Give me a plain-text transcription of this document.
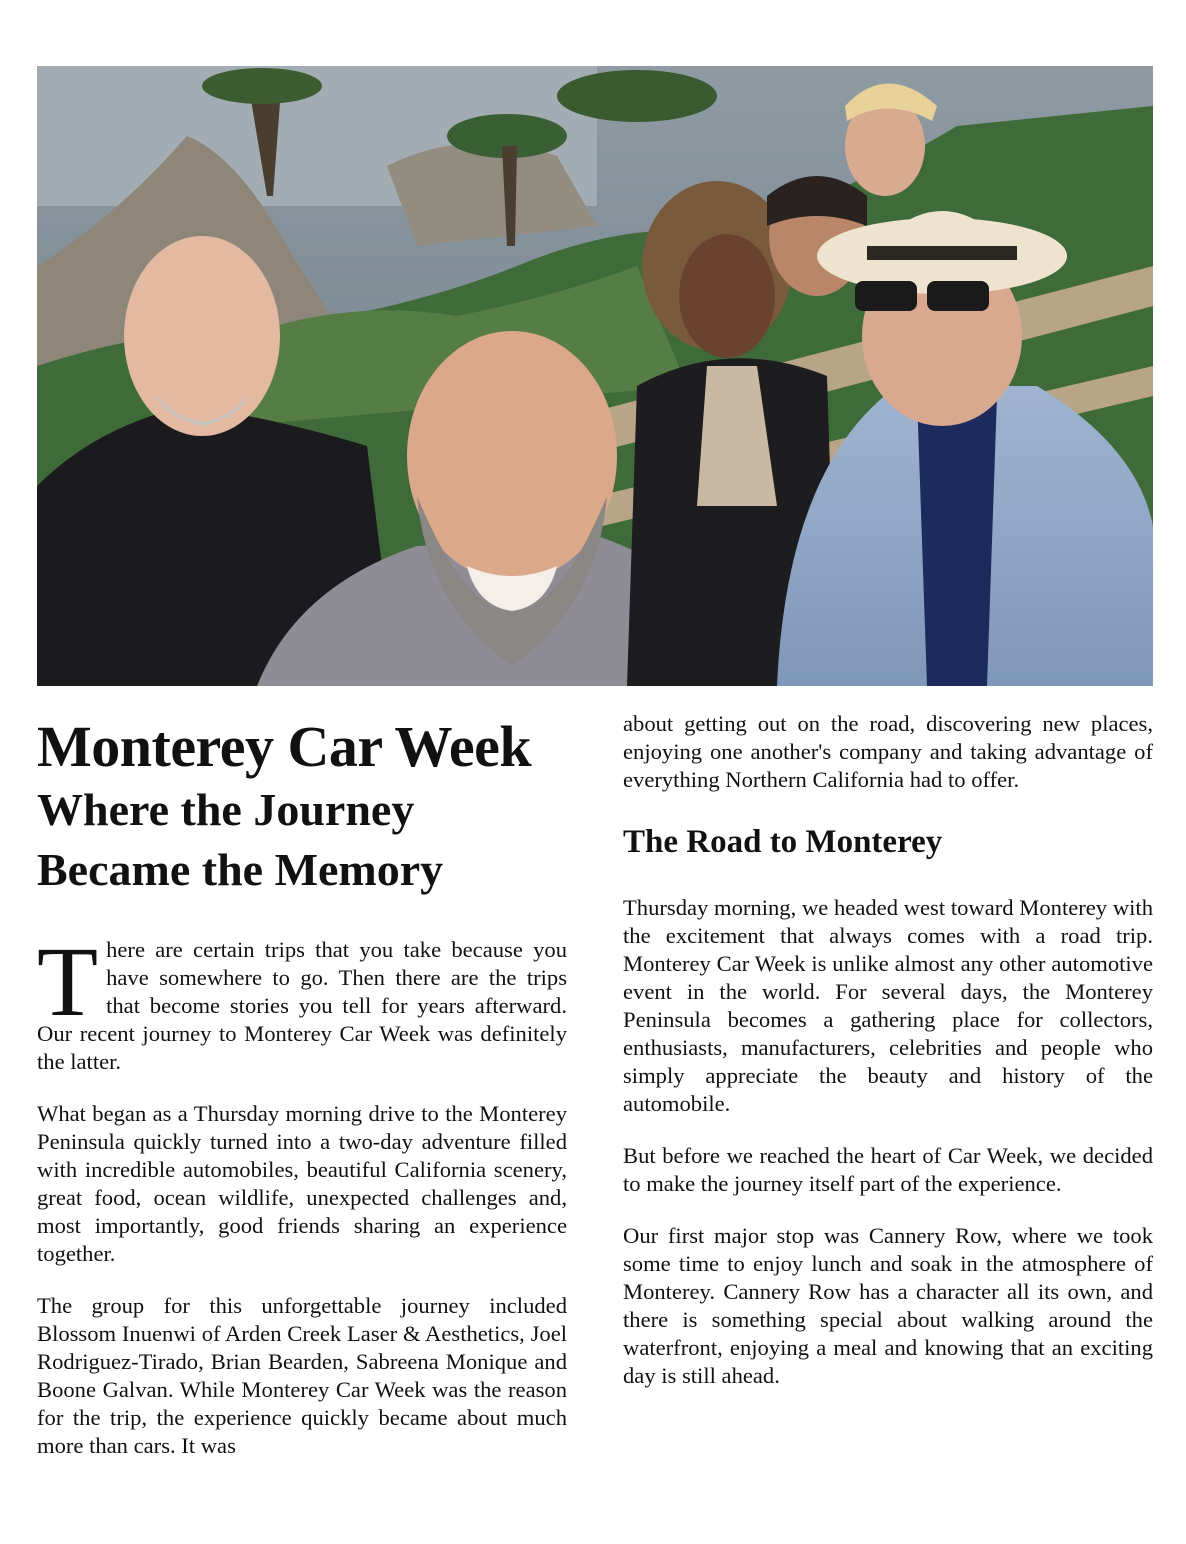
Monterey Car Week
Where the Journey Became the Memory

There are certain trips that you take because you have somewhere to go. Then there are the trips that become stories you tell for years afterward. Our recent journey to Monterey Car Week was definitely the latter.

What began as a Thursday morning drive to the Monterey Peninsula quickly turned into a two-day adventure filled with incredible automobiles, beautiful California scenery, great food, ocean wildlife, unexpected challenges and, most importantly, good friends sharing an experience together.

The group for this unforgettable journey included Blossom Inuenwi of Arden Creek Laser & Aesthetics, Joel Rodriguez-Tirado, Brian Bearden, Sabreena Monique and Boone Galvan. While Monterey Car Week was the reason for the trip, the experience quickly became about much more than cars. It was

about getting out on the road, discovering new places, enjoying one another's company and taking advantage of everything Northern California had to offer.

The Road to Monterey

Thursday morning, we headed west toward Monterey with the excitement that always comes with a road trip. Monterey Car Week is unlike almost any other automotive event in the world. For several days, the Monterey Peninsula becomes a gathering place for collectors, enthusiasts, manufacturers, celebrities and people who simply appreciate the beauty and history of the automobile.

But before we reached the heart of Car Week, we decided to make the journey itself part of the experience.

Our first major stop was Cannery Row, where we took some time to enjoy lunch and soak in the atmosphere of Monterey. Cannery Row has a character all its own, and there is something special about walking around the waterfront, enjoying a meal and knowing that an exciting day is still ahead.
